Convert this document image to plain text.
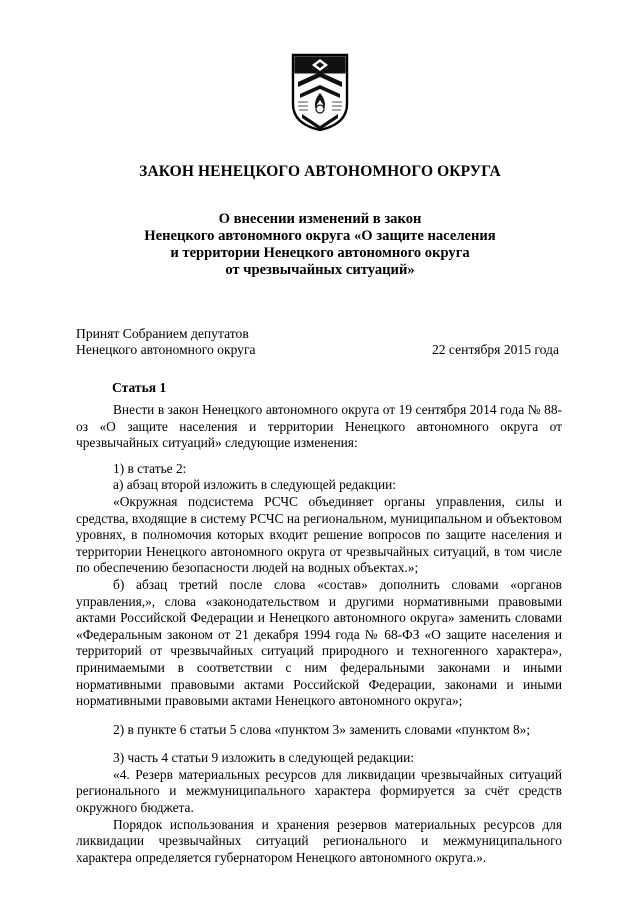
ЗАКОН НЕНЕЦКОГО АВТОНОМНОГО ОКРУГА
О внесении изменений в закон
Ненецкого автономного округа «О защите населения
и территории Ненецкого автономного округа
от чрезвычайных ситуаций»
Принят Собранием депутатов
Ненецкого автономного округа	22 сентября 2015 года
Статья 1

Внести в закон Ненецкого автономного округа от 19 сентября 2014 года № 88-оз «О защите населения и территории Ненецкого автономного округа от чрезвычайных ситуаций» следующие изменения:

1) в статье 2:

а) абзац второй изложить в следующей редакции:

«Окружная подсистема РСЧС объединяет органы управления, силы и средства, входящие в систему РСЧС на региональном, муниципальном и объектовом уровнях, в полномочия которых входит решение вопросов по защите населения и территории Ненецкого автономного округа от чрезвычайных ситуаций, в том числе по обеспечению безопасности людей на водных объектах.»;

б) абзац третий после слова «состав» дополнить словами «органов управления,», слова «законодательством и другими нормативными правовыми актами Российской Федерации и Ненецкого автономного округа» заменить словами «Федеральным законом от 21 декабря 1994 года № 68-ФЗ «О защите населения и территорий от чрезвычайных ситуаций природного и техногенного характера», принимаемыми в соответствии с ним федеральными законами и иными нормативными правовыми актами Российской Федерации, законами и иными нормативными правовыми актами Ненецкого автономного округа»;

2) в пункте 6 статьи 5 слова «пунктом 3» заменить словами «пунктом 8»;

3) часть 4 статьи 9 изложить в следующей редакции:

«4. Резерв материальных ресурсов для ликвидации чрезвычайных ситуаций регионального и межмуниципального характера формируется за счёт средств окружного бюджета.

Порядок использования и хранения резервов материальных ресурсов для ликвидации чрезвычайных ситуаций регионального и межмуниципального характера определяется губернатором Ненецкого автономного округа.».
